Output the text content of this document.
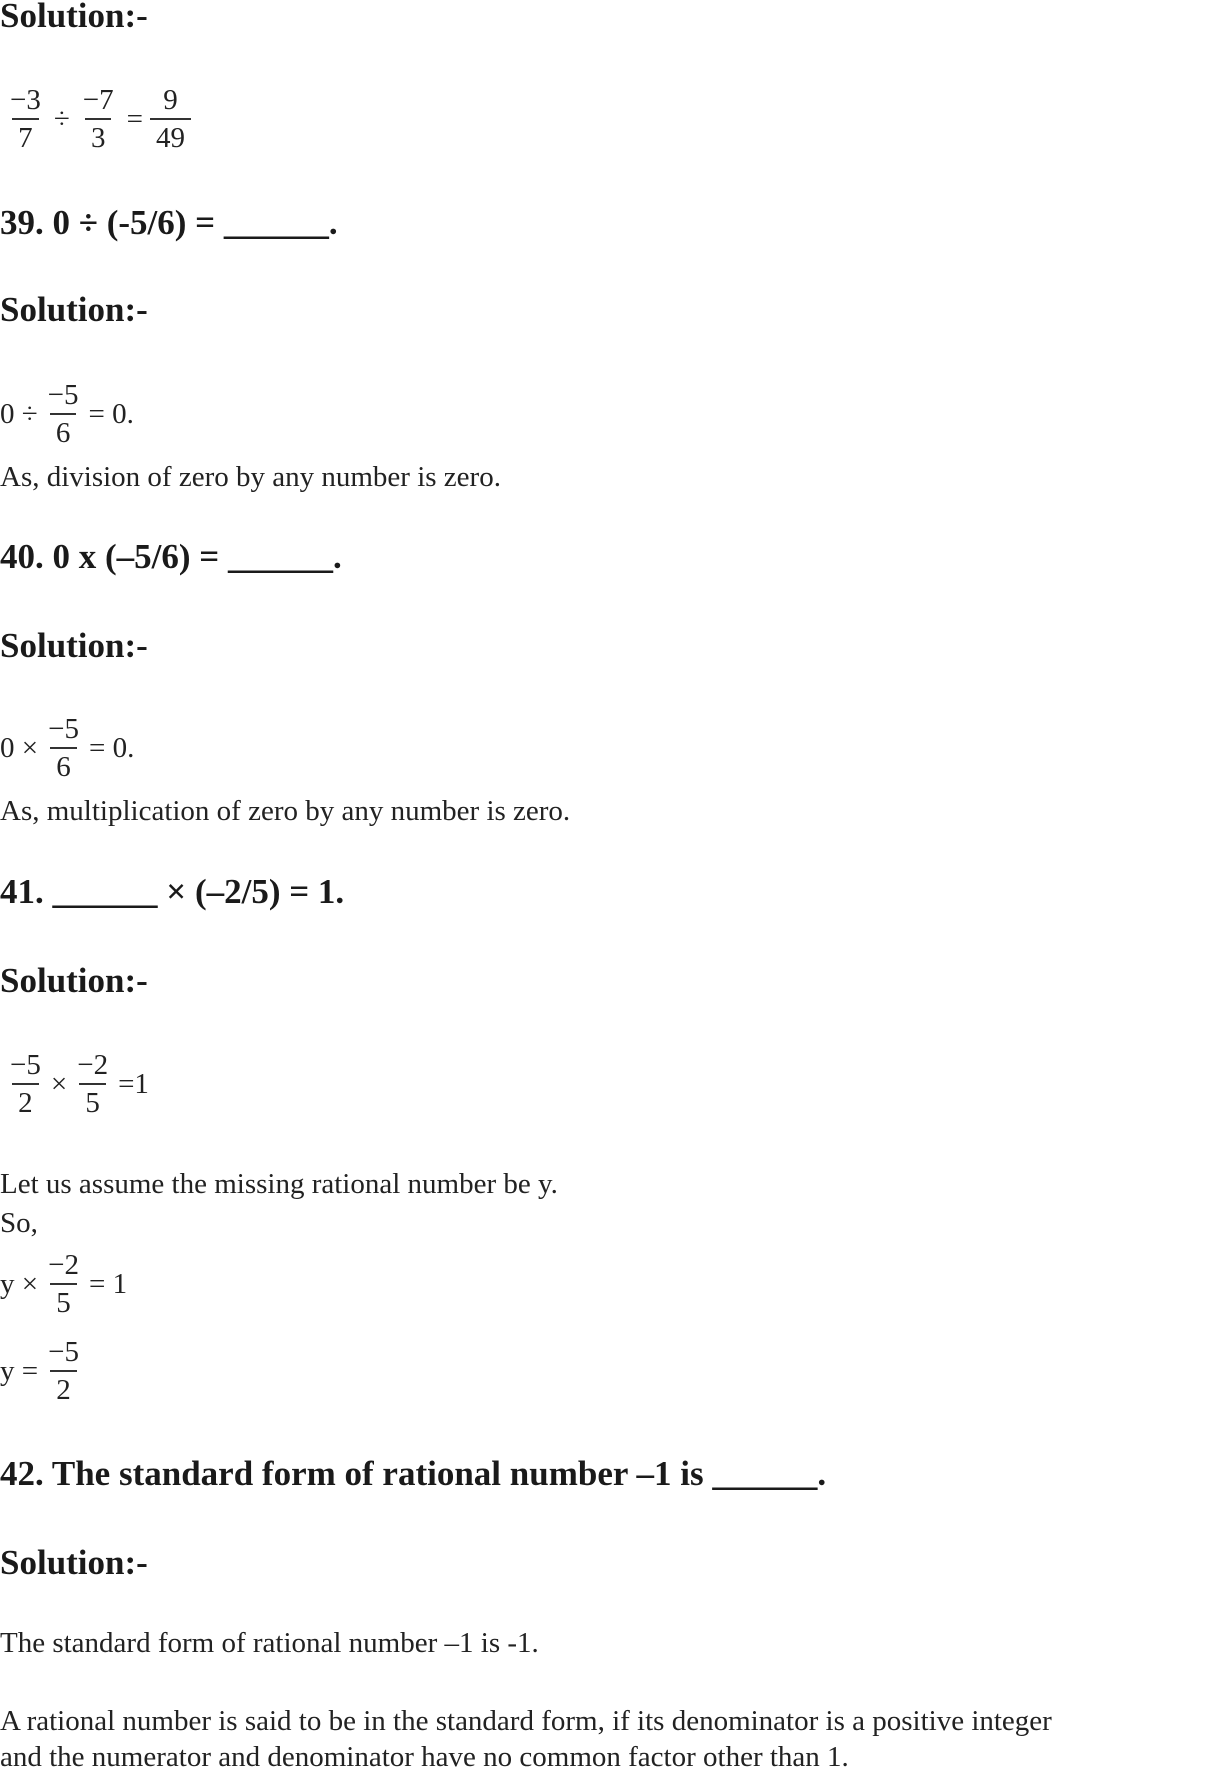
Solution:-
$\frac{-3}{7} \div \frac{-7}{3} = \frac{9}{49}$
39. 0 ÷ (-5/6) = ______.
Solution:-
$0 \div \frac{-5}{6} = 0$.
As, division of zero by any number is zero.
40. 0 x (–5/6) = ______.
Solution:-
$0 \times \frac{-5}{6} = 0$.
As, multiplication of zero by any number is zero.
41. ______ × (–2/5) = 1.
Solution:-
$\frac{-5}{2} \times \frac{-2}{5} =1$
Let us assume the missing rational number be y.
So,
$y \times \frac{-2}{5} = 1$
$y = \frac{-5}{2}$
42. The standard form of rational number –1 is ______.
Solution:-
The standard form of rational number –1 is -1.
A rational number is said to be in the standard form, if its denominator is a positive integer
and the numerator and denominator have no common factor other than 1.
